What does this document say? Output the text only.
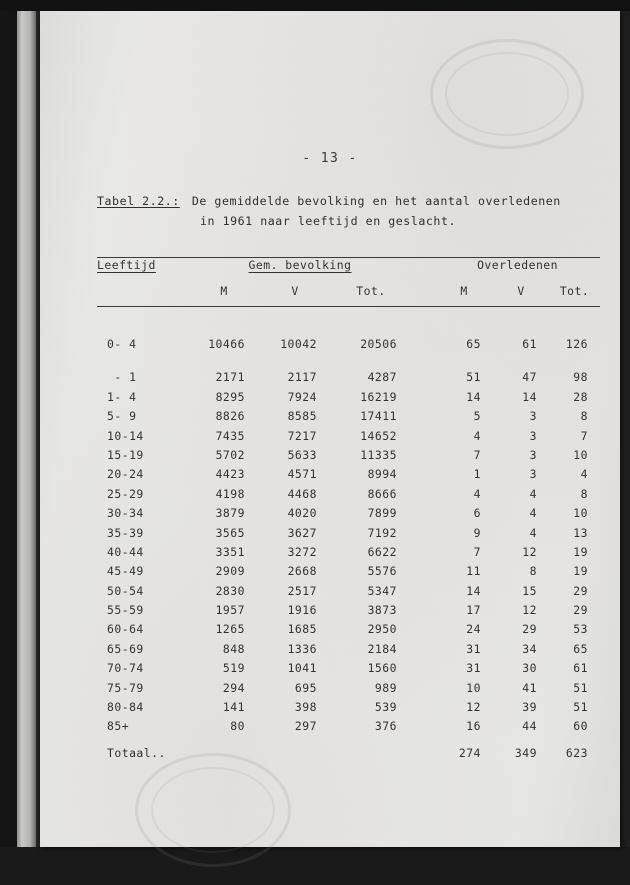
- 13 -
Tabel 2.2.: De gemiddelde bevolking en het aantal overledenen
in 1961 naar leeftijd en geslacht.
Leeftijd	Gem. bevolking				Overledenen		
	M	V	Tot.		M	V	Tot.

0- 4	10466	10042	20506		65	61	126

- 1	2171	2117	4287		51	47	98
1- 4	8295	7924	16219		14	14	28
5- 9	8826	8585	17411		5	3	8
10-14	7435	7217	14652		4	3	7
15-19	5702	5633	11335		7	3	10
20-24	4423	4571	8994		1	3	4
25-29	4198	4468	8666		4	4	8
30-34	3879	4020	7899		6	4	10
35-39	3565	3627	7192		9	4	13
40-44	3351	3272	6622		7	12	19
45-49	2909	2668	5576		11	8	19
50-54	2830	2517	5347		14	15	29
55-59	1957	1916	3873		17	12	29
60-64	1265	1685	2950		24	29	53
65-69	848	1336	2184		31	34	65
70-74	519	1041	1560		31	30	61
75-79	294	695	989		10	41	51
80-84	141	398	539		12	39	51
85+	80	297	376		16	44	60
Totaal..					274	349	623
